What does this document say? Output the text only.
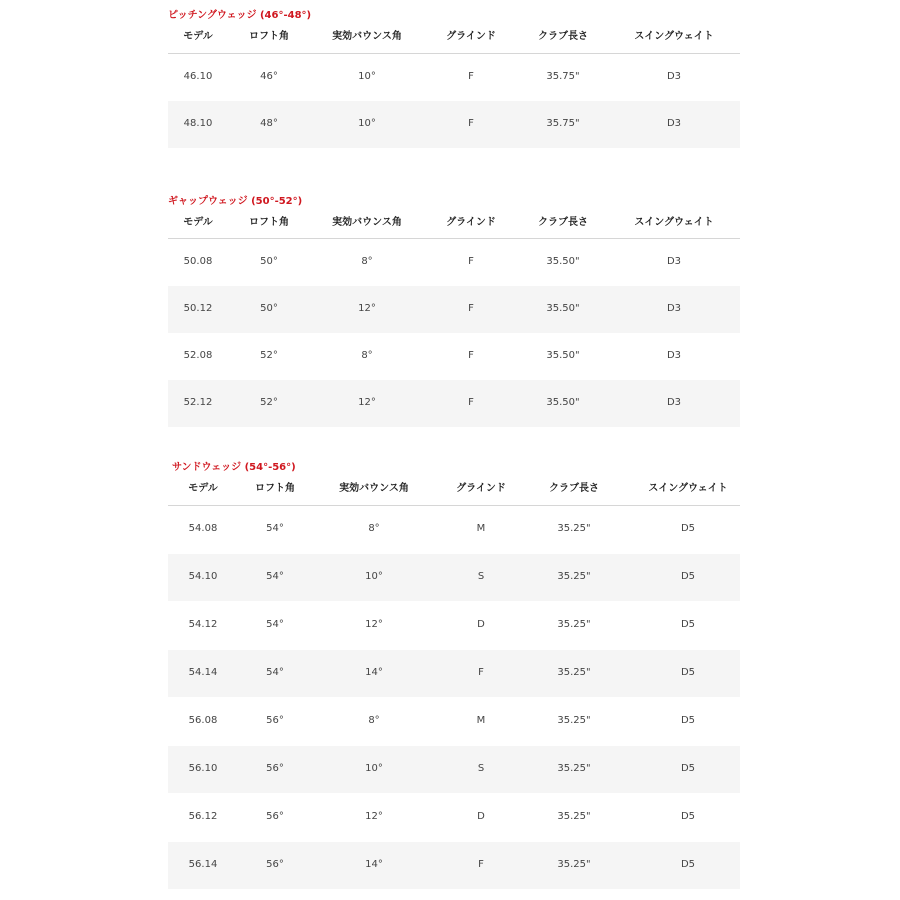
ピッチングウェッジ (46°-48°)
モデル	ロフト角	実効バウンス角	グラインド	クラブ長さ	スイングウェイト
46.10	46°	10°	F	35.75"	D3
48.10	48°	10°	F	35.75"	D3
ギャップウェッジ (50°-52°)
モデル	ロフト角	実効バウンス角	グラインド	クラブ長さ	スイングウェイト
50.08	50°	8°	F	35.50"	D3
50.12	50°	12°	F	35.50"	D3
52.08	52°	8°	F	35.50"	D3
52.12	52°	12°	F	35.50"	D3
サンドウェッジ (54°-56°)
モデル	ロフト角	実効バウンス角	グラインド	クラブ長さ	スイングウェイト
54.08	54°	8°	M	35.25"	D5
54.10	54°	10°	S	35.25"	D5
54.12	54°	12°	D	35.25"	D5
54.14	54°	14°	F	35.25"	D5
56.08	56°	8°	M	35.25"	D5
56.10	56°	10°	S	35.25"	D5
56.12	56°	12°	D	35.25"	D5
56.14	56°	14°	F	35.25"	D5
